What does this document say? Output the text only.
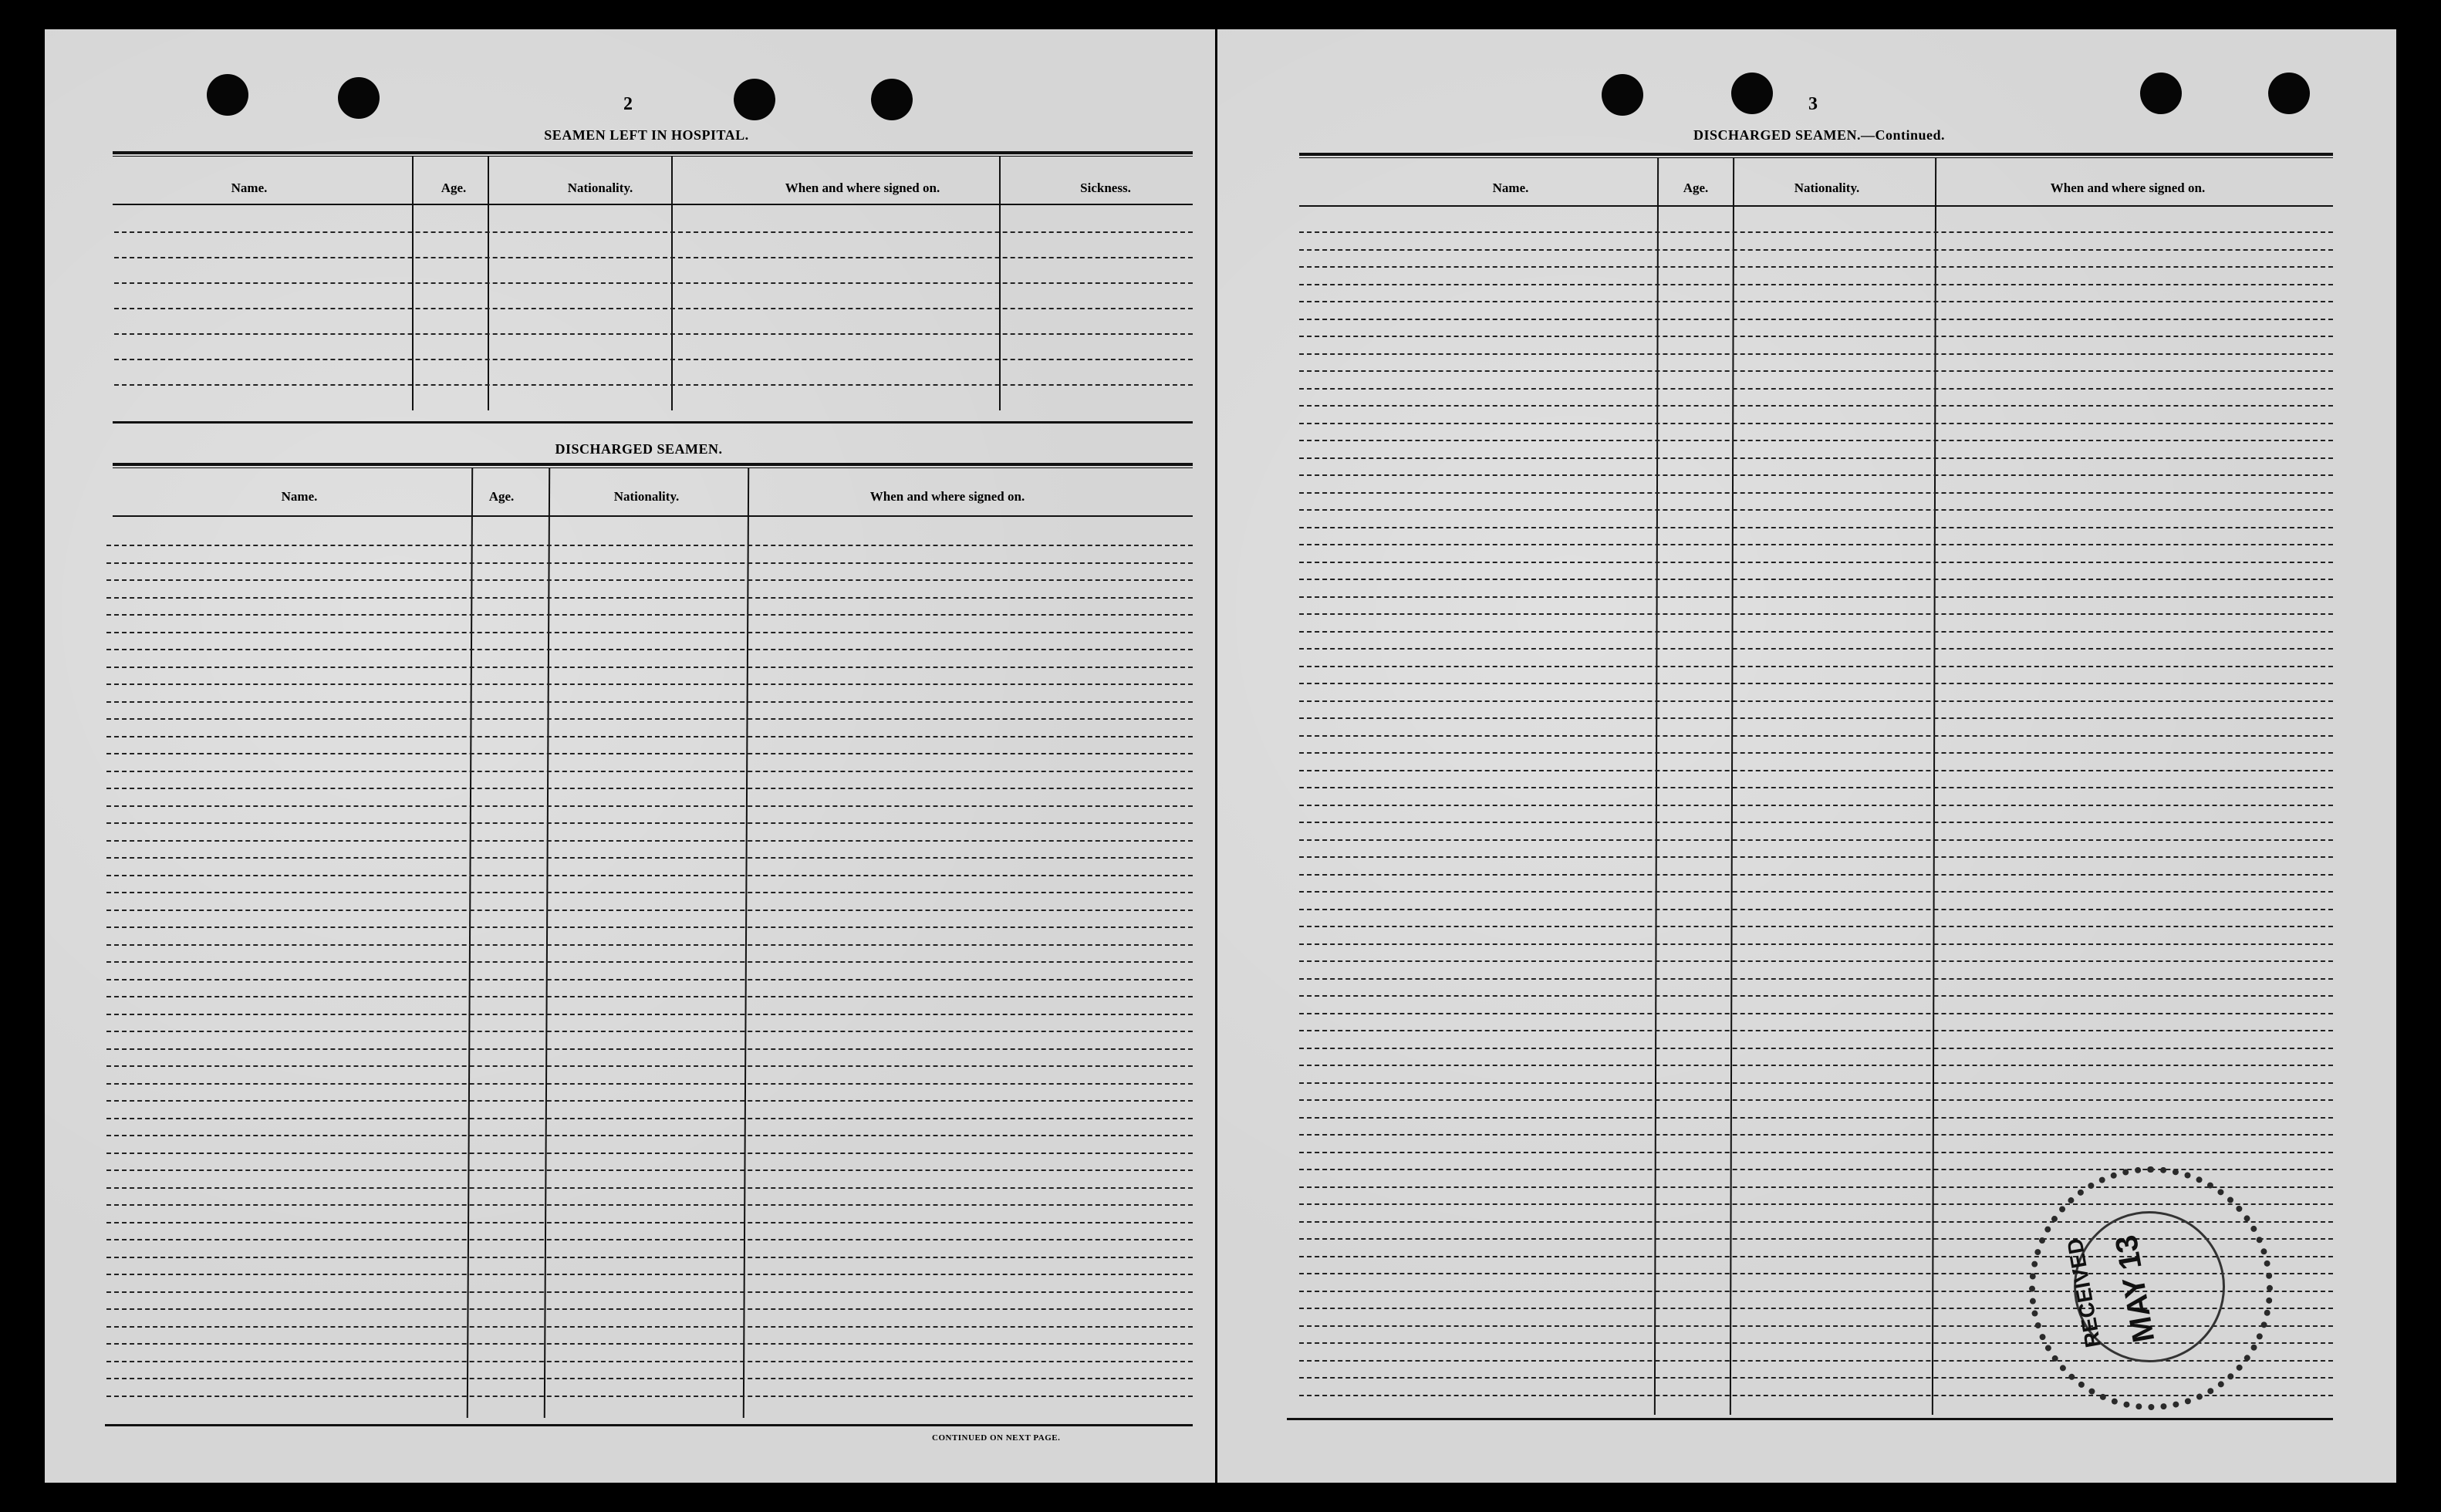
2
SEAMEN LEFT IN HOSPITAL.
Name.	Age.	Nationality.	When and where signed on.	Sickness.
DISCHARGED SEAMEN.
Name.	Age.	Nationality.	When and where signed on.
CONTINUED ON NEXT PAGE.
3
DISCHARGED SEAMEN.—Continued.
Name.	Age.	Nationality.	When and where signed on.
MAY 13
RECEIVED
